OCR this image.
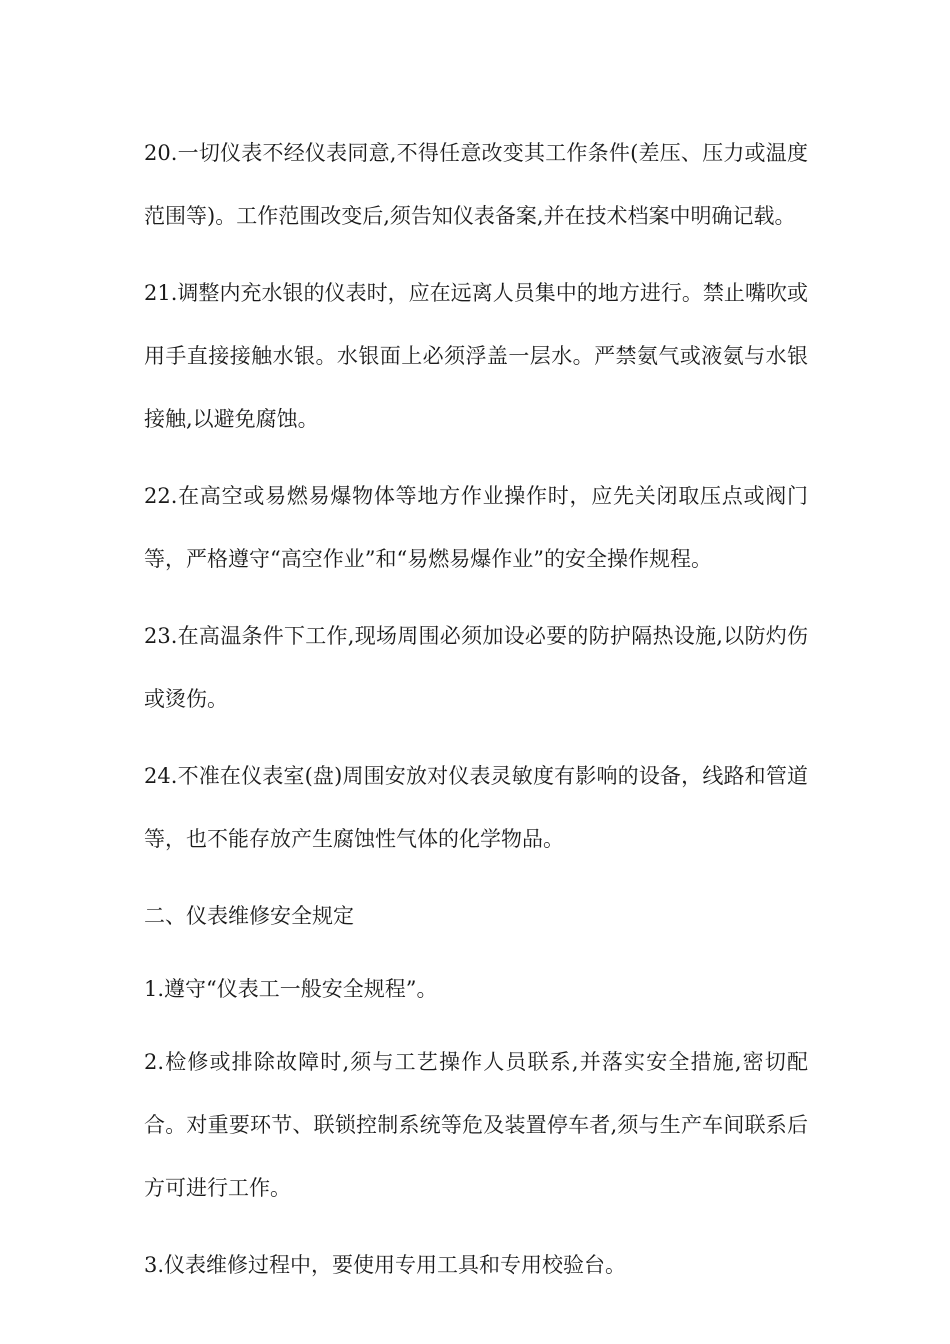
20.一切仪表不经仪表同意,不得任意改变其工作条件(差压、压力或温度范围等)。工作范围改变后,须告知仪表备案,并在技术档案中明确记载。

21.调整内充水银的仪表时，应在远离人员集中的地方进行。禁止嘴吹或用手直接接触水银。水银面上必须浮盖一层水。严禁氨气或液氨与水银接触,以避免腐蚀。

22.在高空或易燃易爆物体等地方作业操作时，应先关闭取压点或阀门等，严格遵守“高空作业”和“易燃易爆作业”的安全操作规程。

23.在高温条件下工作,现场周围必须加设必要的防护隔热设施,以防灼伤或烫伤。

24.不准在仪表室(盘)周围安放对仪表灵敏度有影响的设备，线路和管道等，也不能存放产生腐蚀性气体的化学物品。

二、仪表维修安全规定

1.遵守“仪表工一般安全规程”。

2.检修或排除故障时,须与工艺操作人员联系,并落实安全措施,密切配合。对重要环节、联锁控制系统等危及装置停车者,须与生产车间联系后方可进行工作。

3.仪表维修过程中，要使用专用工具和专用校验台。
